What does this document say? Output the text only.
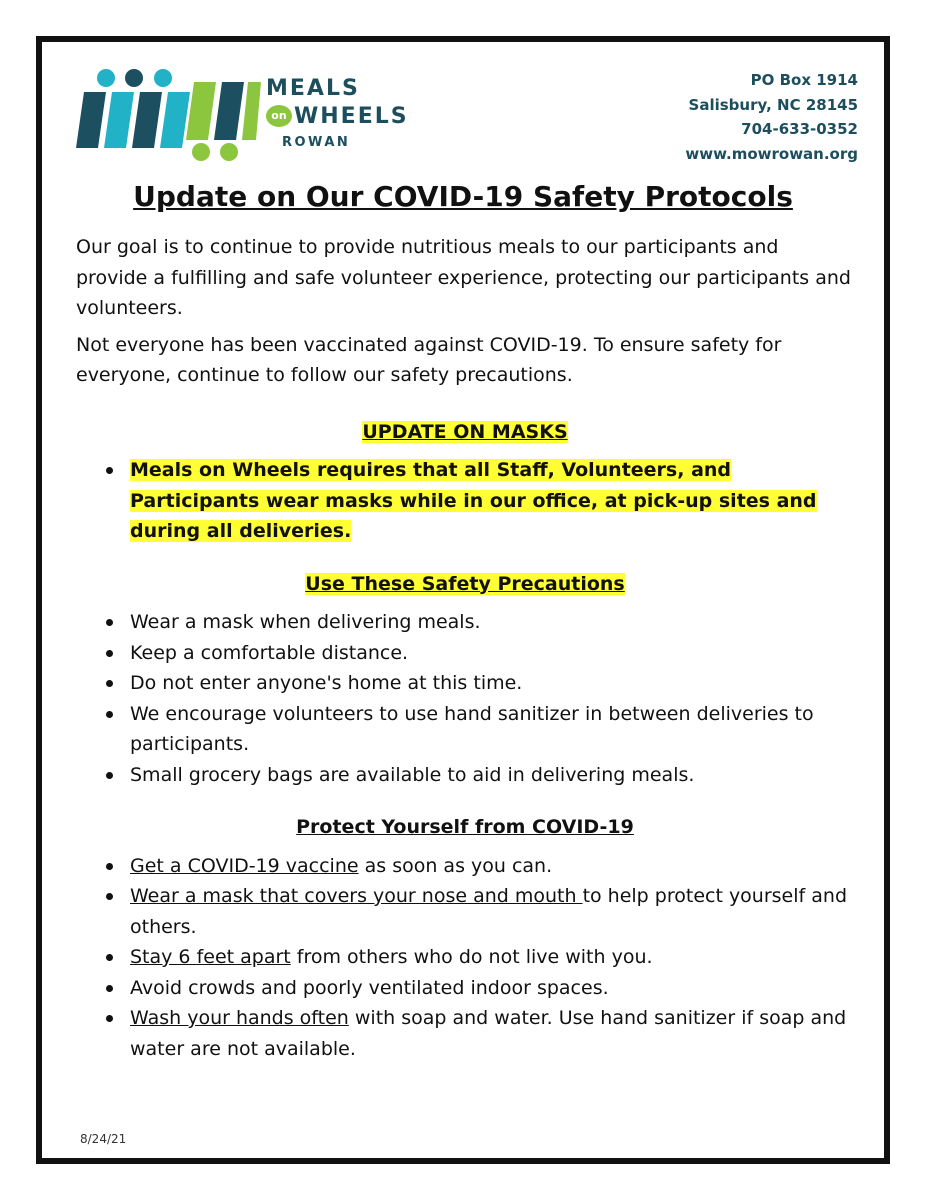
MEALS
on WHEELS
ROWAN
PO Box 1914
Salisbury, NC 28145
704-633-0352
www.mowrowan.org
Update on Our COVID-19 Safety Protocols

Our goal is to continue to provide nutritious meals to our participants and provide a fulfilling and safe volunteer experience, protecting our participants and volunteers.

Not everyone has been vaccinated against COVID-19. To ensure safety for everyone, continue to follow our safety precautions.

UPDATE ON MASKS
Meals on Wheels requires that all Staff, Volunteers, and Participants wear masks while in our office, at pick-up sites and during all deliveries.
Use These Safety Precautions
Wear a mask when delivering meals.
Keep a comfortable distance.
Do not enter anyone's home at this time.
We encourage volunteers to use hand sanitizer in between deliveries to participants.
Small grocery bags are available to aid in delivering meals.
Protect Yourself from COVID-19
Get a COVID-19 vaccine as soon as you can.
Wear a mask that covers your nose and mouth to help protect yourself and others.
Stay 6 feet apart from others who do not live with you.
Avoid crowds and poorly ventilated indoor spaces.
Wash your hands often with soap and water. Use hand sanitizer if soap and water are not available.
8/24/21
